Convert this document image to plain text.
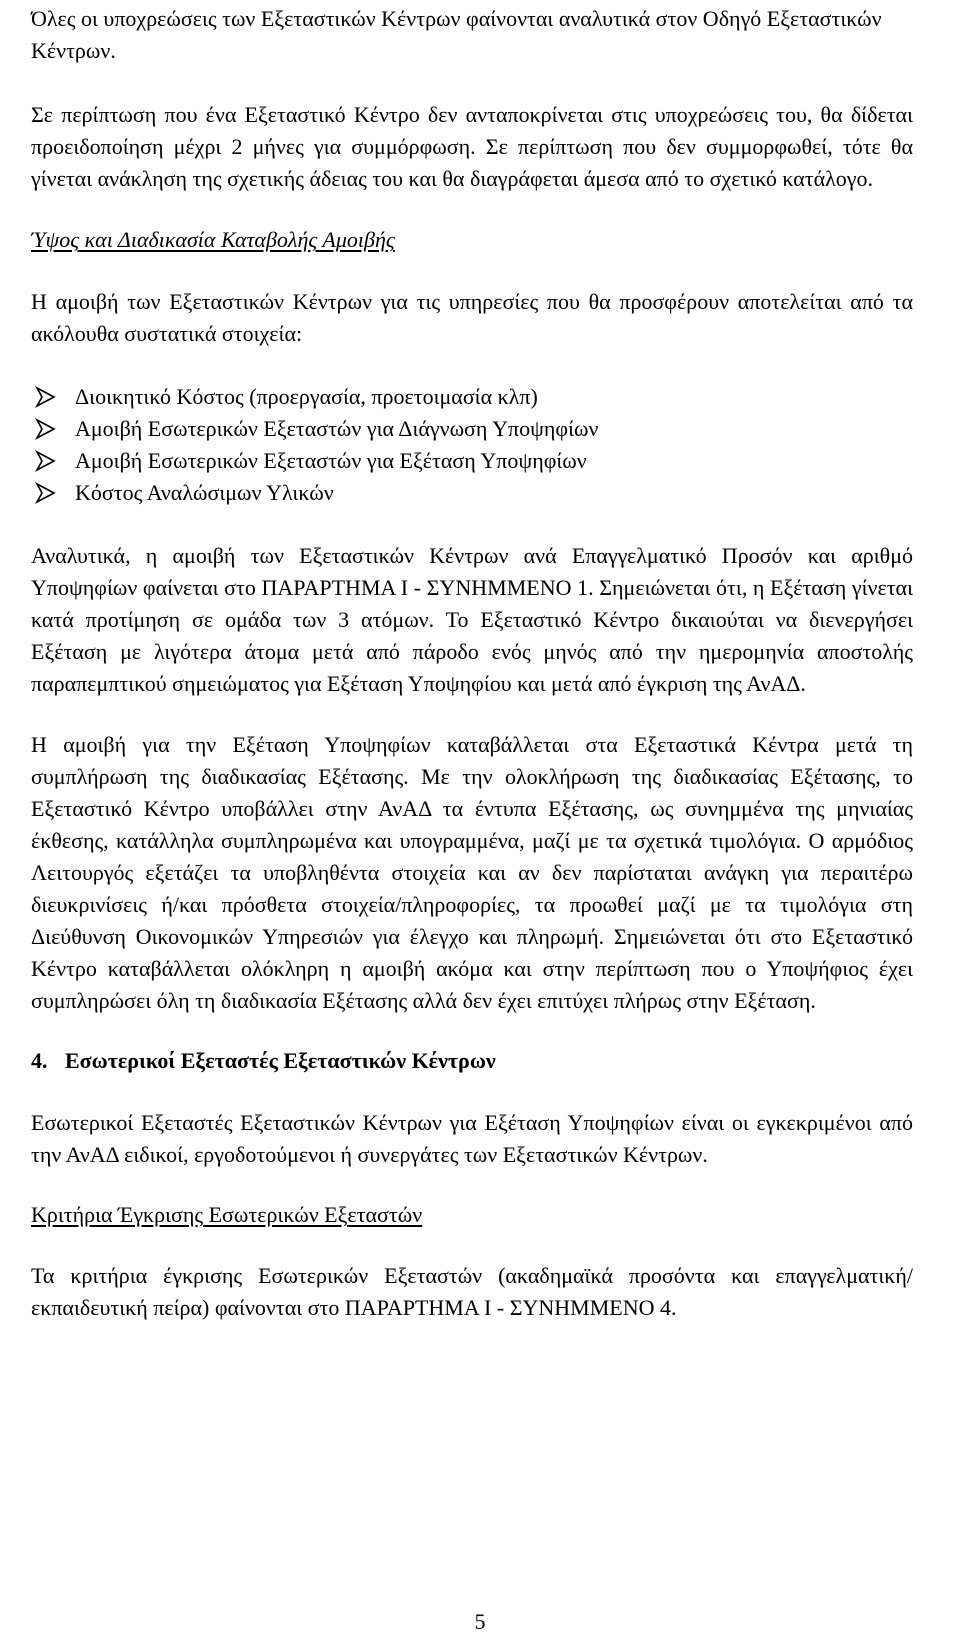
Όλες οι υποχρεώσεις των Εξεταστικών Κέντρων φαίνονται αναλυτικά στον Οδηγό Εξεταστικών Κέντρων.

Σε περίπτωση που ένα Εξεταστικό Κέντρο δεν ανταποκρίνεται στις υποχρεώσεις του, θα δίδεται προειδοποίηση μέχρι 2 μήνες για συμμόρφωση. Σε περίπτωση που δεν συμμορφωθεί, τότε θα γίνεται ανάκληση της σχετικής άδειας του και θα διαγράφεται άμεσα από το σχετικό κατάλογο.

Ύψος και Διαδικασία Καταβολής Αμοιβής

Η αμοιβή των Εξεταστικών Κέντρων για τις υπηρεσίες που θα προσφέρουν αποτελείται από τα ακόλουθα συστατικά στοιχεία:

Διοικητικό Κόστος (προεργασία, προετοιμασία κλπ)
Αμοιβή Εσωτερικών Εξεταστών για Διάγνωση Υποψηφίων
Αμοιβή Εσωτερικών Εξεταστών για Εξέταση Υποψηφίων
Κόστος Αναλώσιμων Υλικών

Αναλυτικά, η αμοιβή των Εξεταστικών Κέντρων ανά Επαγγελματικό Προσόν και αριθμό Υποψηφίων φαίνεται στο ΠΑΡΑΡΤΗΜΑ Ι - ΣΥΝΗΜΜΕΝΟ 1. Σημειώνεται ότι, η Εξέταση γίνεται κατά προτίμηση σε ομάδα των 3 ατόμων. Το Εξεταστικό Κέντρο δικαιούται να διενεργήσει Εξέταση με λιγότερα άτομα μετά από πάροδο ενός μηνός από την ημερομηνία αποστολής παραπεμπτικού σημειώματος για Εξέταση Υποψηφίου και μετά από έγκριση της ΑνΑΔ.

Η αμοιβή για την Εξέταση Υποψηφίων καταβάλλεται στα Εξεταστικά Κέντρα μετά τη συμπλήρωση της διαδικασίας Εξέτασης. Με την ολοκλήρωση της διαδικασίας Εξέτασης, το Εξεταστικό Κέντρο υποβάλλει στην ΑνΑΔ τα έντυπα Εξέτασης, ως συνημμένα της μηνιαίας έκθεσης, κατάλληλα συμπληρωμένα και υπογραμμένα, μαζί με τα σχετικά τιμολόγια. Ο αρμόδιος Λειτουργός εξετάζει τα υποβληθέντα στοιχεία και αν δεν παρίσταται ανάγκη για περαιτέρω διευκρινίσεις ή/και πρόσθετα στοιχεία/πληροφορίες, τα προωθεί μαζί με τα τιμολόγια στη Διεύθυνση Οικονομικών Υπηρεσιών για έλεγχο και πληρωμή. Σημειώνεται ότι στο Εξεταστικό Κέντρο καταβάλλεται ολόκληρη η αμοιβή ακόμα και στην περίπτωση που ο Υποψήφιος έχει συμπληρώσει όλη τη διαδικασία Εξέτασης αλλά δεν έχει επιτύχει πλήρως στην Εξέταση.

4. Εσωτερικοί Εξεταστές Εξεταστικών Κέντρων

Εσωτερικοί Εξεταστές Εξεταστικών Κέντρων για Εξέταση Υποψηφίων είναι οι εγκεκριμένοι από την ΑνΑΔ ειδικοί, εργοδοτούμενοι ή συνεργάτες των Εξεταστικών Κέντρων.

Κριτήρια Έγκρισης Εσωτερικών Εξεταστών

Τα κριτήρια έγκρισης Εσωτερικών Εξεταστών (ακαδημαϊκά προσόντα και επαγγελματική/ εκπαιδευτική πείρα) φαίνονται στο ΠΑΡΑΡΤΗΜΑ Ι - ΣΥΝΗΜΜΕΝΟ 4.

5
